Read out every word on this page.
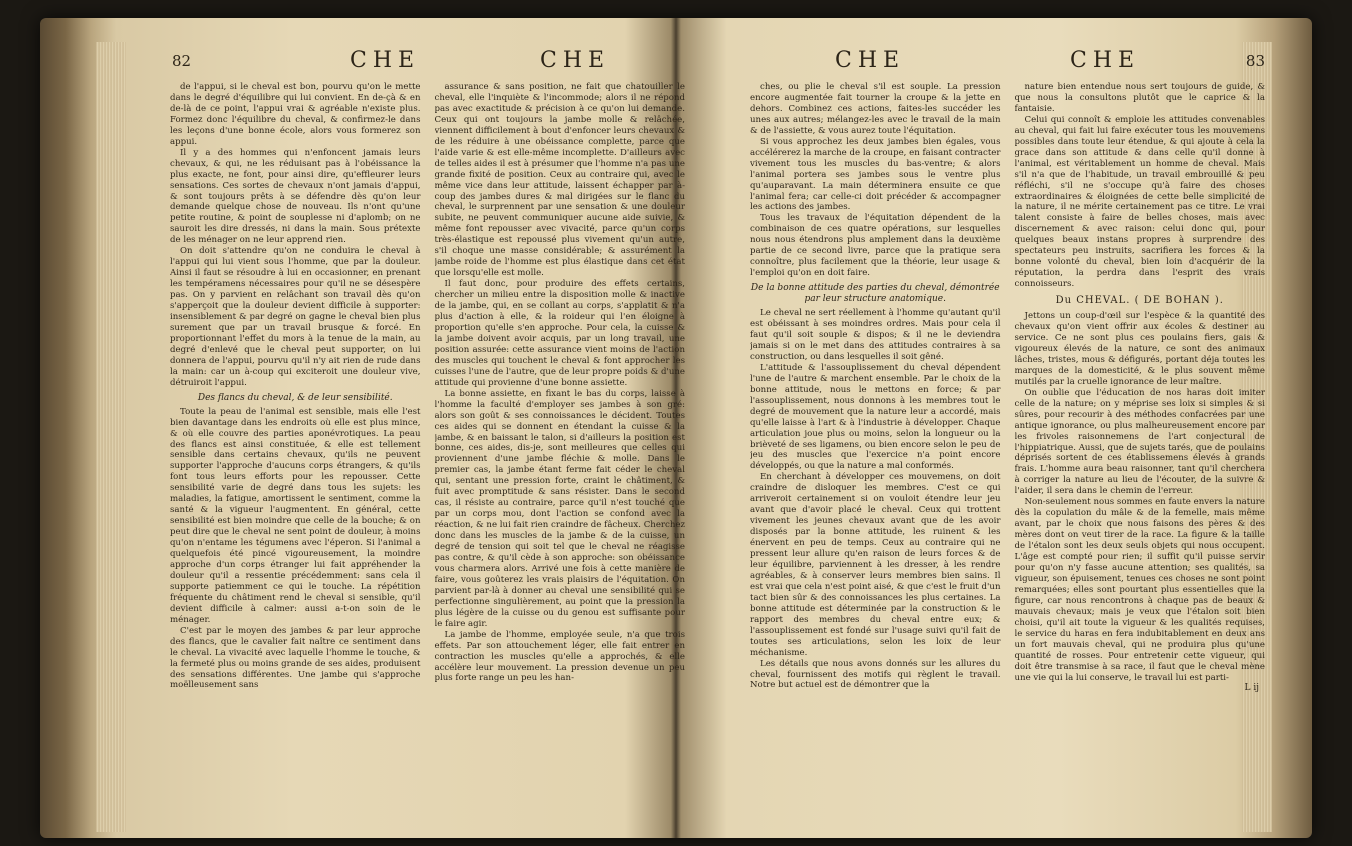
82	CHE	CHE

de l'appui, si le cheval est bon, pourvu qu'on le mette dans le degré d'équilibre qui lui convient. En de-çà & en de-là de ce point, l'appui vrai & agréable n'existe plus. Formez donc l'équilibre du cheval, & confirmez-le dans les leçons d'une bonne école, alors vous formerez son appui.

Il y a des hommes qui n'enfoncent jamais leurs chevaux, & qui, ne les réduisant pas à l'obéissance la plus exacte, ne font, pour ainsi dire, qu'effleurer leurs sensations. Ces sortes de chevaux n'ont jamais d'appui, & sont toujours prêts à se défendre dès qu'on leur demande quelque chose de nouveau. Ils n'ont qu'une petite routine, & point de souplesse ni d'aplomb; on ne sauroit les dire dressés, ni dans la main. Sous prétexte de les ménager on ne leur apprend rien.

On doit s'attendre qu'on ne conduira le cheval à l'appui qui lui vient sous l'homme, que par la douleur. Ainsi il faut se résoudre à lui en occasionner, en prenant les tempéramens nécessaires pour qu'il ne se désespère pas. On y parvient en relâchant son travail dès qu'on s'apperçoit que la douleur devient difficile à supporter: insensiblement & par degré on gagne le cheval bien plus surement que par un travail brusque & forcé. En proportionnant l'effet du mors à la tenue de la main, au degré d'enlevé que le cheval peut supporter, on lui donnera de l'appui, pourvu qu'il n'y ait rien de rude dans la main: car un à-coup qui exciteroit une douleur vive, détruiroit l'appui.

Des flancs du cheval, & de leur sensibilité.

Toute la peau de l'animal est sensible, mais elle l'est bien davantage dans les endroits où elle est plus mince, & où elle couvre des parties aponévrotiques. La peau des flancs est ainsi constituée, & elle est tellement sensible dans certains chevaux, qu'ils ne peuvent supporter l'approche d'aucuns corps étrangers, & qu'ils font tous leurs efforts pour les repousser. Cette sensibilité varie de degré dans tous les sujets: les maladies, la fatigue, amortissent le sentiment, comme la santé & la vigueur l'augmentent. En général, cette sensibilité est bien moindre que celle de la bouche; & on peut dire que le cheval ne sent point de douleur, à moins qu'on n'entame les tégumens avec l'éperon. Si l'animal a quelquefois été pincé vigoureusement, la moindre approche d'un corps étranger lui fait appréhender la douleur qu'il a ressentie précédemment: sans cela il supporte patiemment ce qui le touche. La répétition fréquente du châtiment rend le cheval si sensible, qu'il devient difficile à calmer: aussi a-t-on soin de le ménager.

C'est par le moyen des jambes & par leur approche des flancs, que le cavalier fait naître ce sentiment dans le cheval. La vivacité avec laquelle l'homme le touche, & la fermeté plus ou moins grande de ses aides, produisent des sensations différentes. Une jambe qui s'approche moëlleusement sans

assurance & sans position, ne fait que chatouiller le cheval, elle l'inquiète & l'incommode; alors il ne répond pas avec exactitude & précision à ce qu'on lui demande. Ceux qui ont toujours la jambe molle & relâchée, viennent difficilement à bout d'enfoncer leurs chevaux & de les réduire à une obéissance complette, parce que l'aide varie & est elle-même incomplette. D'ailleurs avec de telles aides il est à présumer que l'homme n'a pas une grande fixité de position. Ceux au contraire qui, avec le même vice dans leur attitude, laissent échapper par à-coup des jambes dures & mal dirigées sur le flanc du cheval, le surprennent par une sensation & une douleur subite, ne peuvent communiquer aucune aide suivie, & même font repousser avec vivacité, parce qu'un corps très-élastique est repoussé plus vivement qu'un autre, s'il choque une masse considérable; & assurément la jambe roide de l'homme est plus élastique dans cet état que lorsqu'elle est molle.

Il faut donc, pour produire des effets certains, chercher un milieu entre la disposition molle & inactive de la jambe, qui, en se collant au corps, s'applatit & n'a plus d'action à elle, & la roideur qui l'en éloigne à proportion qu'elle s'en approche. Pour cela, la cuisse & la jambe doivent avoir acquis, par un long travail, une position assurée: cette assurance vient moins de l'action des muscles qui touchent le cheval & font approcher les cuisses l'une de l'autre, que de leur propre poids & d'une attitude qui provienne d'une bonne assiette.

La bonne assiette, en fixant le bas du corps, laisse à l'homme la faculté d'employer ses jambes à son gré: alors son goût & ses connoissances le décident. Toutes ces aides qui se donnent en étendant la cuisse & la jambe, & en baissant le talon, si d'ailleurs la position est bonne, ces aides, dis-je, sont meilleures que celles qui proviennent d'une jambe fléchie & molle. Dans le premier cas, la jambe étant ferme fait céder le cheval qui, sentant une pression forte, craint le châtiment, & fuit avec promptitude & sans résister. Dans le second cas, il résiste au contraire, parce qu'il n'est touché que par un corps mou, dont l'action se confond avec la réaction, & ne lui fait rien craindre de fâcheux. Cherchez donc dans les muscles de la jambe & de la cuisse, un degré de tension qui soit tel que le cheval ne réagisse pas contre, & qu'il cède à son approche: son obéissance vous charmera alors. Arrivé une fois à cette manière de faire, vous goûterez les vrais plaisirs de l'équitation. On parvient par-là à donner au cheval une sensibilité qui se perfectionne singulièrement, au point que la pression la plus légère de la cuisse ou du genou est suffisante pour le faire agir.

La jambe de l'homme, employée seule, n'a que trois effets. Par son attouchement léger, elle fait entrer en contraction les muscles qu'elle a approchés, & elle accélère leur mouvement. La pression devenue un peu plus forte range un peu les han-

CHE	CHE	83

ches, ou plie le cheval s'il est souple. La pression encore augmentée fait tourner la croupe & la jette en dehors. Combinez ces actions, faites-les succéder les unes aux autres; mélangez-les avec le travail de la main & de l'assiette, & vous aurez toute l'équitation.

Si vous approchez les deux jambes bien égales, vous accélérerez la marche de la croupe, en faisant contracter vivement tous les muscles du bas-ventre; & alors l'animal portera ses jambes sous le ventre plus qu'auparavant. La main déterminera ensuite ce que l'animal fera; car celle-ci doit précéder & accompagner les actions des jambes.

Tous les travaux de l'équitation dépendent de la combinaison de ces quatre opérations, sur lesquelles nous nous étendrons plus amplement dans la deuxième partie de ce second livre, parce que la pratique sera connoître, plus facilement que la théorie, leur usage & l'emploi qu'on en doit faire.

De la bonne attitude des parties du cheval, démontrée par leur structure anatomique.

Le cheval ne sert réellement à l'homme qu'autant qu'il est obéissant à ses moindres ordres. Mais pour cela il faut qu'il soit souple & dispos; & il ne le deviendra jamais si on le met dans des attitudes contraires à sa construction, ou dans lesquelles il soit gêné.

L'attitude & l'assouplissement du cheval dépendent l'une de l'autre & marchent ensemble. Par le choix de la bonne attitude, nous le mettons en force; & par l'assouplissement, nous donnons à les membres tout le degré de mouvement que la nature leur a accordé, mais qu'elle laisse à l'art & à l'industrie à développer. Chaque articulation joue plus ou moins, selon la longueur ou la brièveté de ses ligamens, ou bien encore selon le peu de jeu des muscles que l'exercice n'a point encore développés, ou que la nature a mal conformés.

En cherchant à développer ces mouvemens, on doit craindre de disloquer les membres. C'est ce qui arriveroit certainement si on vouloit étendre leur jeu avant que d'avoir placé le cheval. Ceux qui trottent vivement les jeunes chevaux avant que de les avoir disposés par la bonne attitude, les ruinent & les énervent en peu de temps. Ceux au contraire qui ne pressent leur allure qu'en raison de leurs forces & de leur équilibre, parviennent à les dresser, à les rendre agréables, & à conserver leurs membres bien sains. Il est vrai que cela n'est point aisé, & que c'est le fruit d'un tact bien sûr & des connoissances les plus certaines. La bonne attitude est déterminée par la construction & le rapport des membres du cheval entre eux; & l'assouplissement est fondé sur l'usage suivi qu'il fait de toutes ses articulations, selon les loix de leur méchanisme.

Les détails que nous avons donnés sur les allures du cheval, fournissent des motifs qui règlent le travail. Notre but actuel est de démontrer que la

nature bien entendue nous sert toujours de guide, & que nous la consultons plutôt que le caprice & la fantaisie.

Celui qui connoît & emploie les attitudes convenables au cheval, qui fait lui faire exécuter tous les mouvemens possibles dans toute leur étendue, & qui ajoute à cela la grace dans son attitude & dans celle qu'il donne à l'animal, est véritablement un homme de cheval. Mais s'il n'a que de l'habitude, un travail embrouillé & peu réfléchi, s'il ne s'occupe qu'à faire des choses extraordinaires & éloignées de cette belle simplicité de la nature, il ne mérite certainement pas ce titre. Le vrai talent consiste à faire de belles choses, mais avec discernement & avec raison: celui donc qui, pour quelques beaux instans propres à surprendre des spectateurs peu instruits, sacrifiera les forces & la bonne volonté du cheval, bien loin d'acquérir de la réputation, la perdra dans l'esprit des vrais connoisseurs.

Du CHEVAL. ( DE BOHAN ).

Jettons un coup-d'œil sur l'espèce & la quantité des chevaux qu'on vient offrir aux écoles & destiner au service. Ce ne sont plus ces poulains fiers, gais & vigoureux élevés de la nature, ce sont des animaux lâches, tristes, mous & défigurés, portant déja toutes les marques de la domesticité, & le plus souvent même mutilés par la cruelle ignorance de leur maître.

On oublie que l'éducation de nos haras doit imiter celle de la nature; on y méprise ses loix si simples & si sûres, pour recourir à des méthodes confacrées par une antique ignorance, ou plus malheureusement encore par les frivoles raisonnemens de l'art conjectural de l'hippiatrique. Aussi, que de sujets tarés, que de poulains déprisés sortent de ces établissemens élevés à grands frais. L'homme aura beau raisonner, tant qu'il cherchera à corriger la nature au lieu de l'écouter, de la suivre & l'aider, il sera dans le chemin de l'erreur.

Non-seulement nous sommes en faute envers la nature dès la copulation du mâle & de la femelle, mais même avant, par le choix que nous faisons des pères & des mères dont on veut tirer de la race. La figure & la taille de l'étalon sont les deux seuls objets qui nous occupent. L'âge est compté pour rien; il suffit qu'il puisse servir pour qu'on n'y fasse aucune attention; ses qualités, sa vigueur, son épuisement, tenues ces choses ne sont point remarquées; elles sont pourtant plus essentielles que la figure, car nous rencontrons à chaque pas de beaux & mauvais chevaux; mais je veux que l'étalon soit bien choisi, qu'il ait toute la vigueur & les qualités requises, le service du haras en fera indubitablement en deux ans un fort mauvais cheval, qui ne produira plus qu'une quantité de rosses. Pour entretenir cette vigueur, qui doit être transmise à sa race, il faut que le cheval mène une vie qui la lui conserve, le travail lui est parti-

L ij
